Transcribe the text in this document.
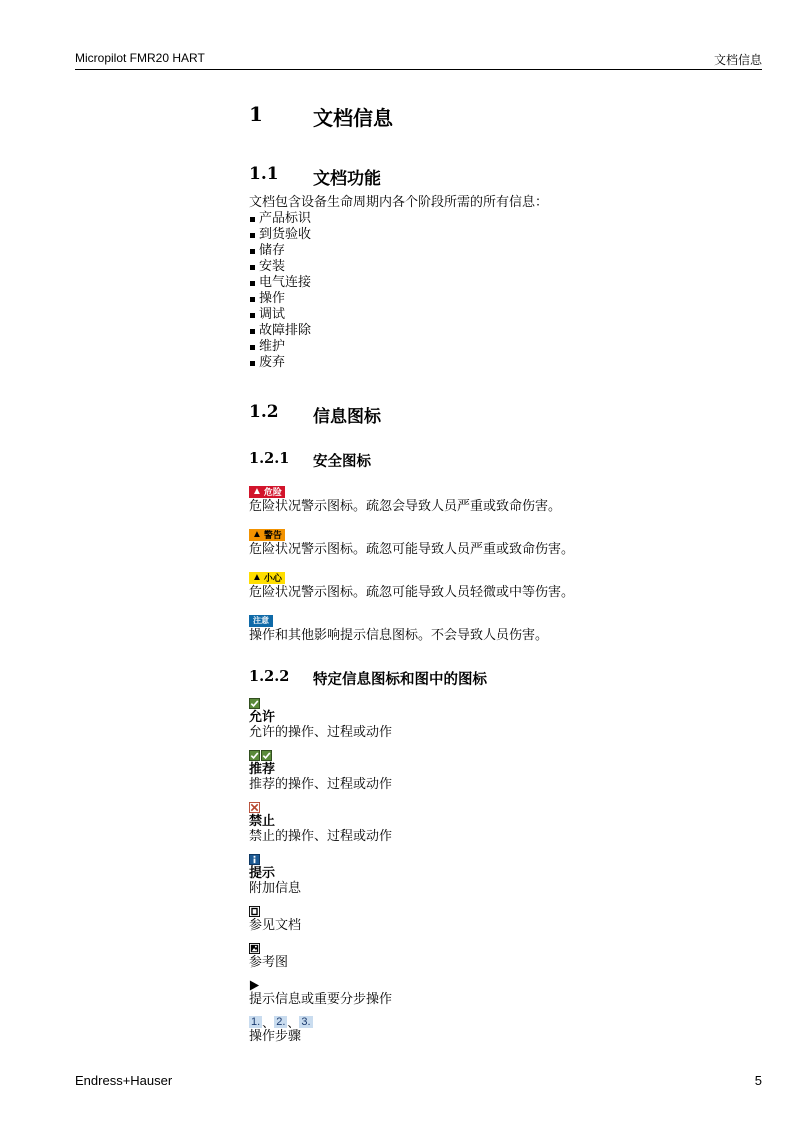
Micropilot FMR20 HART	文档信息
1	文档信息
1.1	文档功能
文档包含设备生命周期内各个阶段所需的所有信息：
产品标识
到货验收
储存
安装
电气连接
操作
调试
故障排除
维护
废弃
1.2	信息图标
1.2.1	安全图标
▲ 危险
危险状况警示图标。疏忽会导致人员严重或致命伤害。
▲ 警告
危险状况警示图标。疏忽可能导致人员严重或致命伤害。
▲ 小心
危险状况警示图标。疏忽可能导致人员轻微或中等伤害。
注意
操作和其他影响提示信息图标。不会导致人员伤害。
1.2.2	特定信息图标和图中的图标
允许
允许的操作、过程或动作
推荐
推荐的操作、过程或动作
禁止
禁止的操作、过程或动作
提示
附加信息
参见文档
参考图
提示信息或重要分步操作
1. 、 2. 、 3.
操作步骤
Endress+Hauser	5
